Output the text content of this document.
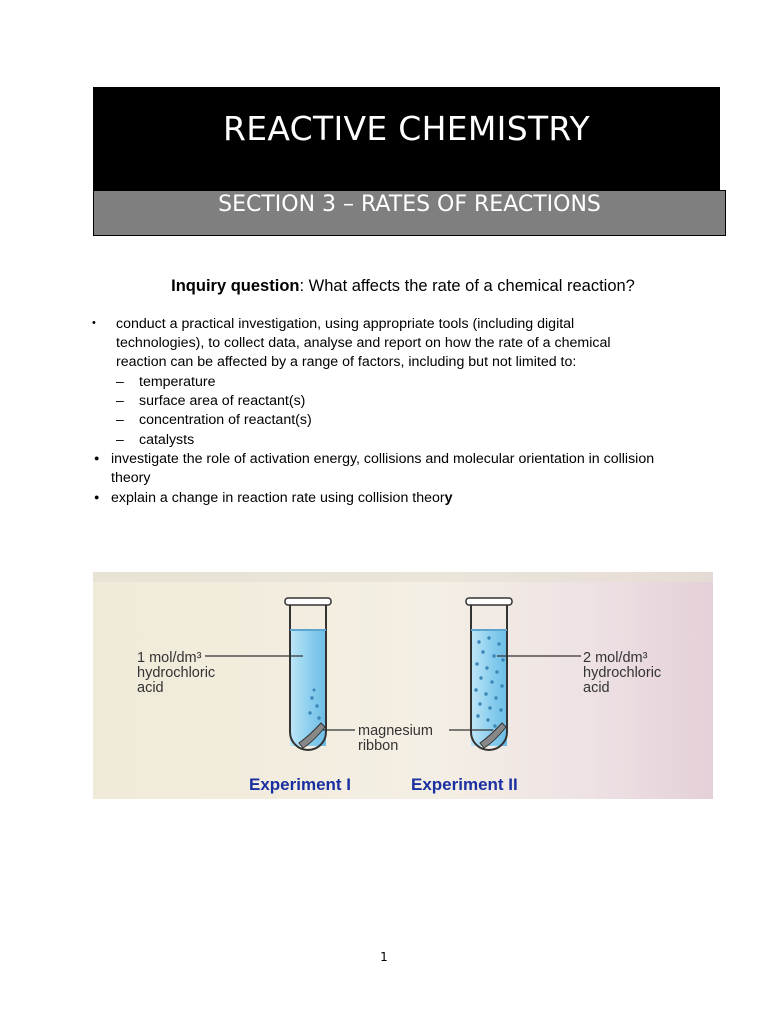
REACTIVE CHEMISTRY
SECTION 3 – RATES OF REACTIONS
Inquiry question: What affects the rate of a chemical reaction?
• conduct a practical investigation, using appropriate tools (including digital
technologies), to collect data, analyse and report on how the rate of a chemical
reaction can be affected by a range of factors, including but not limited to:
– temperature
– surface area of reactant(s)
– concentration of reactant(s)
– catalysts
● investigate the role of activation energy, collisions and molecular orientation in collision
theory
● explain a change in reaction rate using collision theory
1 mol/dm³
hydrochloric
acid
2 mol/dm³
hydrochloric
acid
magnesium
ribbon
Experiment I	Experiment II
1
